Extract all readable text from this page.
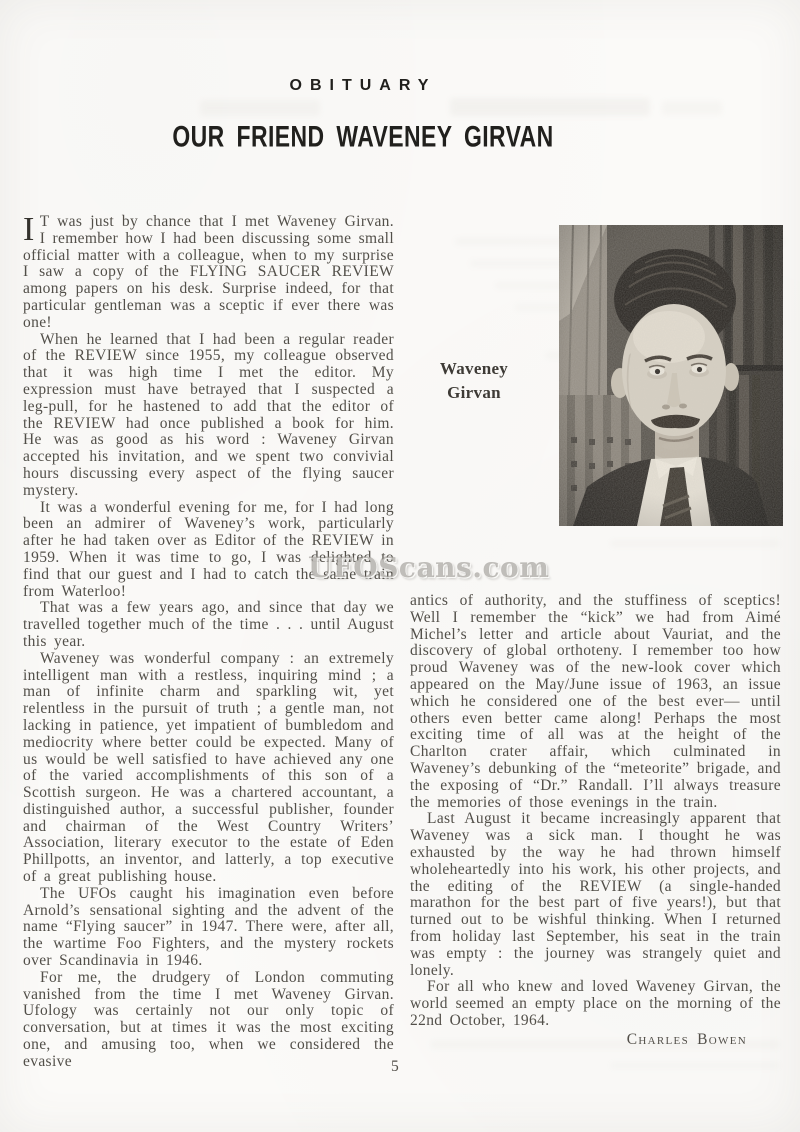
OBITUARY
OUR FRIEND WAVENEY GIRVAN

I T was just by chance that I met Waveney Girvan. I remember how I had been discussing some small official matter with a colleague, when to my surprise I saw a copy of the FLYING SAUCER REVIEW among papers on his desk. Surprise indeed, for that particular gentleman was a sceptic if ever there was one!

When he learned that I had been a regular reader of the REVIEW since 1955, my colleague observed that it was high time I met the editor. My expression must have betrayed that I suspected a leg-pull, for he hastened to add that the editor of the REVIEW had once published a book for him. He was as good as his word : Waveney Girvan accepted his invitation, and we spent two convivial hours discussing every aspect of the flying saucer mystery.

It was a wonderful evening for me, for I had long been an admirer of Waveney’s work, particularly after he had taken over as Editor of the REVIEW in 1959. When it was time to go, I was delighted to find that our guest and I had to catch the same train from Waterloo!

That was a few years ago, and since that day we travelled together much of the time . . . until August this year.

Waveney was wonderful company : an extremely intelligent man with a restless, inquiring mind ; a man of infinite charm and sparkling wit, yet relentless in the pursuit of truth ; a gentle man, not lacking in patience, yet impatient of bumbledom and mediocrity where better could be expected. Many of us would be well satisfied to have achieved any one of the varied accomplishments of this son of a Scottish surgeon. He was a chartered accountant, a distinguished author, a successful publisher, founder and chairman of the West Country Writers’ Association, literary executor to the estate of Eden Phillpotts, an inventor, and latterly, a top executive of a great publishing house.

The UFOs caught his imagination even before Arnold’s sensational sighting and the advent of the name “Flying saucer” in 1947. There were, after all, the wartime Foo Fighters, and the mystery rockets over Scandinavia in 1946.

For me, the drudgery of London commuting vanished from the time I met Waveney Girvan. Ufology was certainly not our only topic of conversation, but at times it was the most exciting one, and amusing too, when we considered the evasive

Waveney
Girvan

antics of authority, and the stuffiness of sceptics! Well I remember the “kick” we had from Aimé Michel’s letter and article about Vauriat, and the discovery of global orthoteny. I remember too how proud Waveney was of the new-look cover which appeared on the May/June issue of 1963, an issue which he considered one of the best ever— until others even better came along! Perhaps the most exciting time of all was at the height of the Charlton crater affair, which culminated in Waveney’s debunking of the “meteorite” brigade, and the exposing of “Dr.” Randall. I’ll always treasure the memories of those evenings in the train.

Last August it became increasingly apparent that Waveney was a sick man. I thought he was exhausted by the way he had thrown himself wholeheartedly into his work, his other projects, and the editing of the REVIEW (a single-handed marathon for the best part of five years!), but that turned out to be wishful thinking. When I returned from holiday last September, his seat in the train was empty : the journey was strangely quiet and lonely.

For all who knew and loved Waveney Girvan, the world seemed an empty place on the morning of the 22nd October, 1964.

Charles Bowen
UFOScans.com
5
